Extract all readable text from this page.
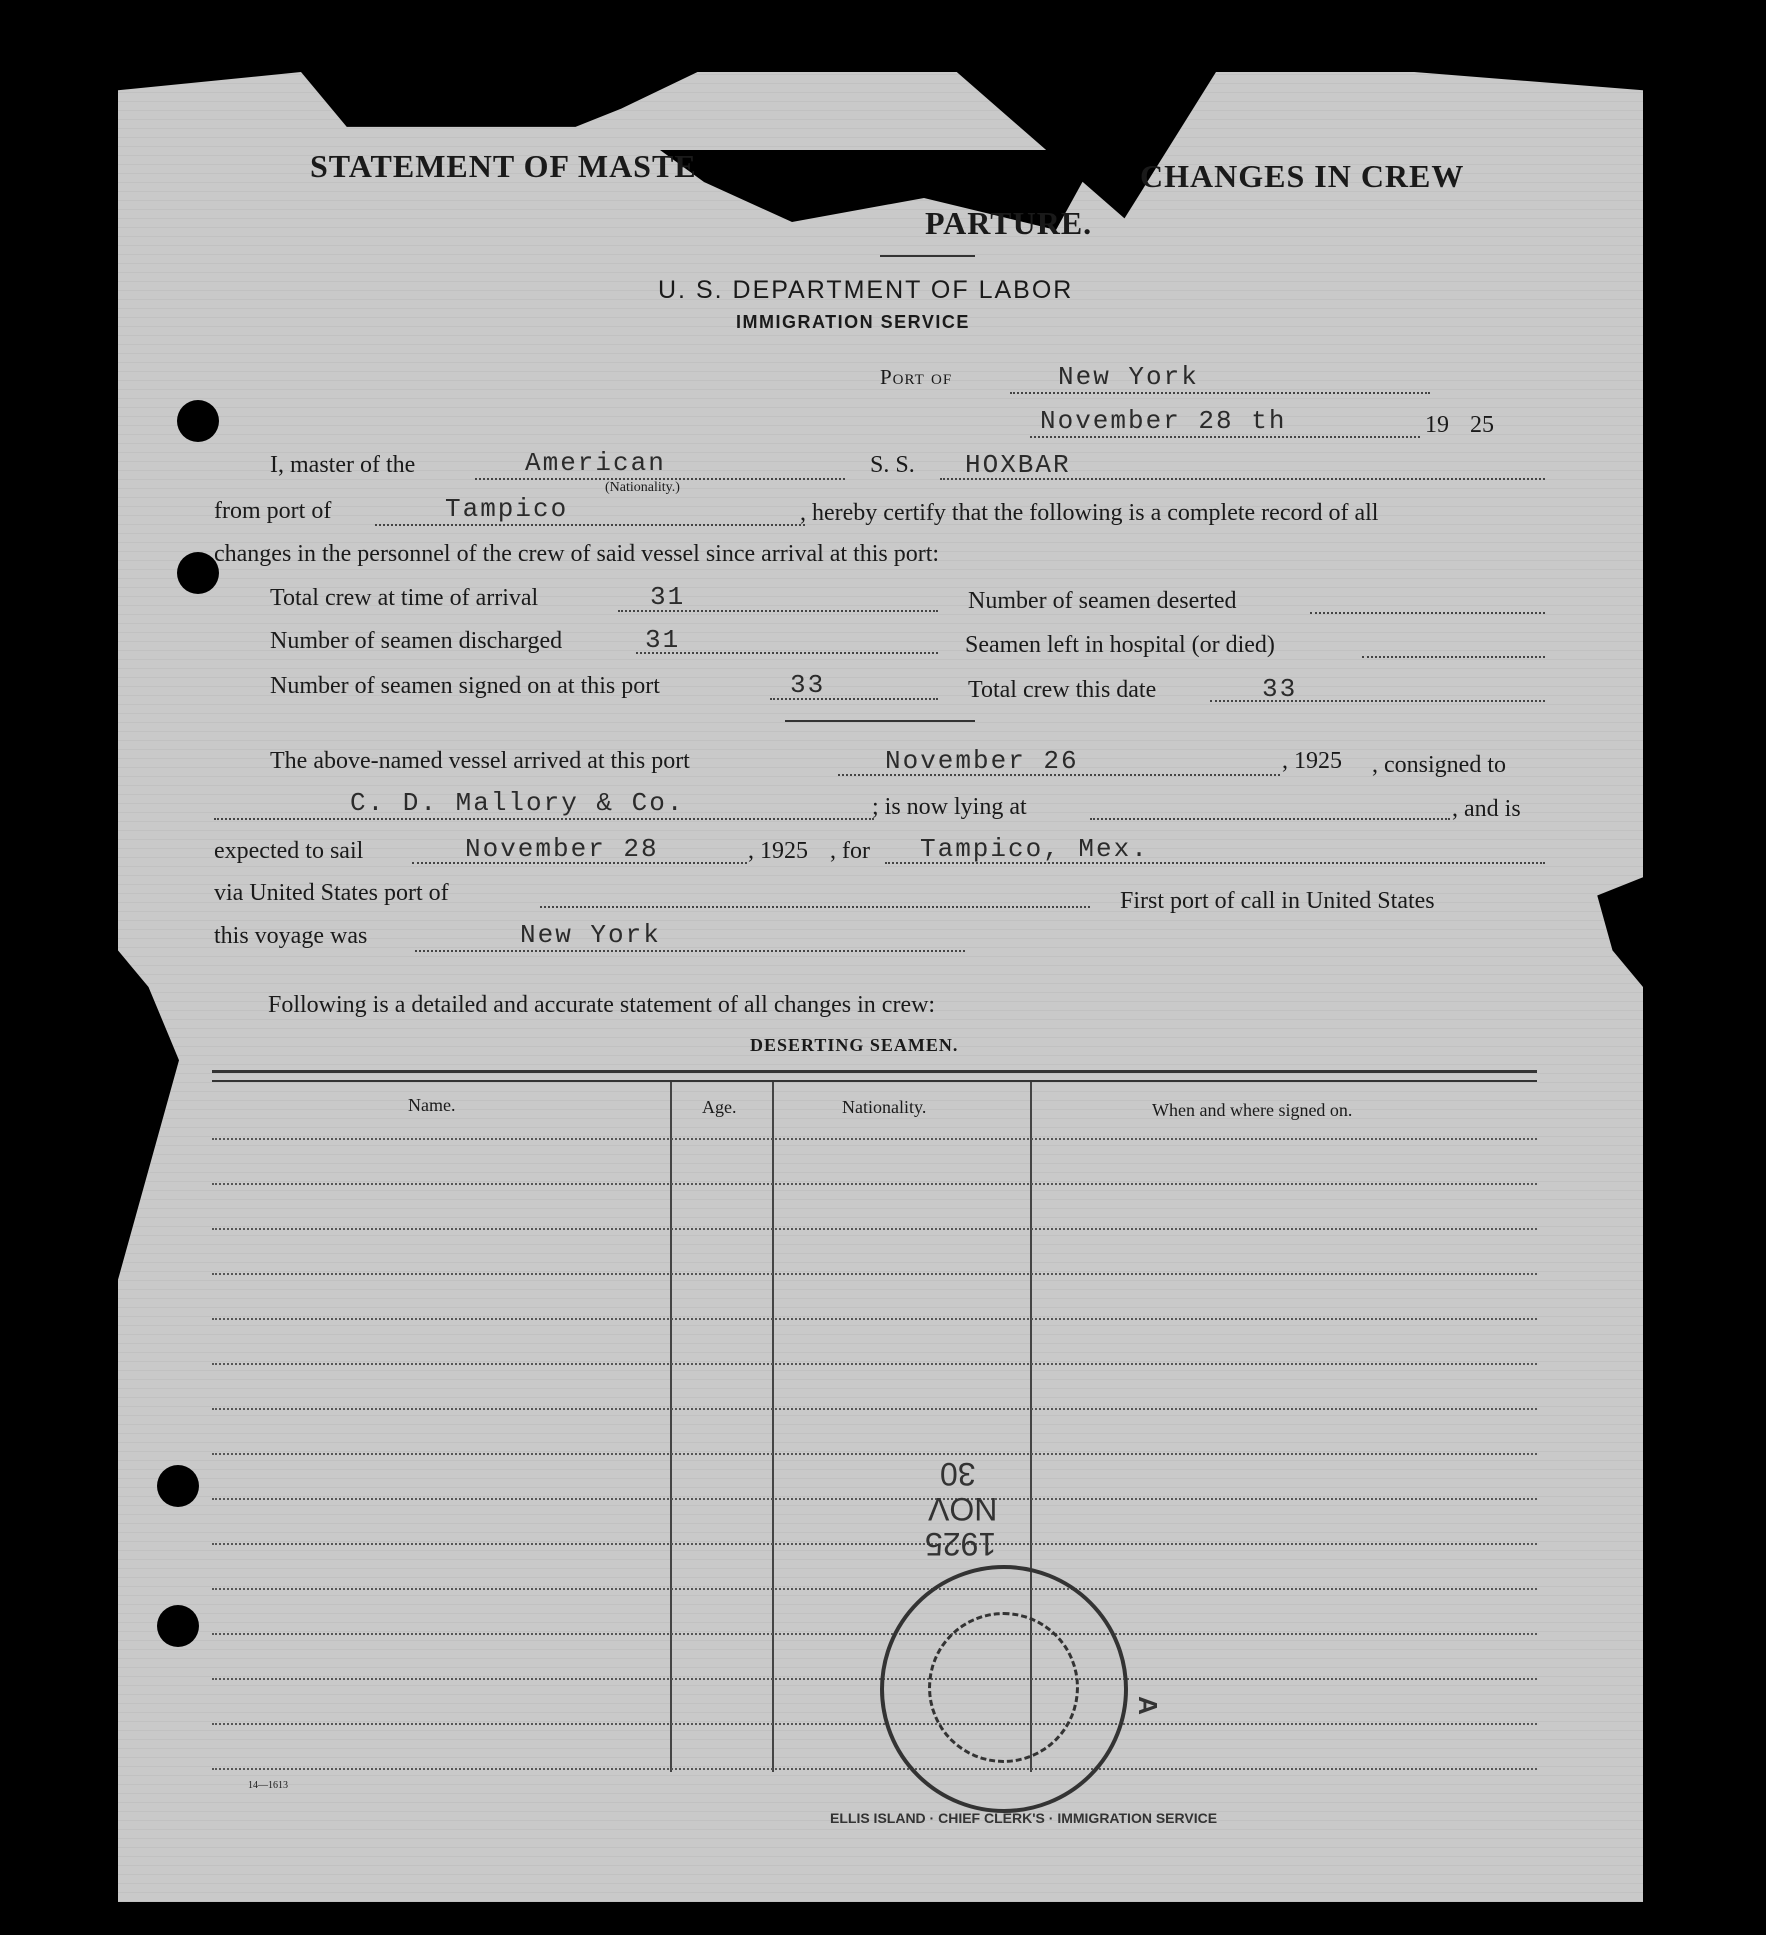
STATEMENT OF MASTE	CHANGES IN CREW
PARTURE.
U. S. DEPARTMENT OF LABOR
IMMIGRATION SERVICE
Port of	New York
November 28 th	19 25
I, master of the	American
(Nationality.)
S. S. HOXBAR
from port of	Tampico	, hereby certify that the following is a complete record of all
changes in the personnel of the crew of said vessel since arrival at this port:
Total crew at time of arrival	31
Number of seamen discharged	31
Number of seamen signed on at this port	33
Number of seamen deserted
Seamen left in hospital (or died)
Total crew this date	33
The above-named vessel arrived at this port	November 26	, 1925 , consigned to
C. D. Mallory & Co.	; is now lying at	, and is
expected to sail	November 28	, 1925 , for Tampico, Mex.
via United States port of	First port of call in United States
this voyage was	New York
Following is a detailed and accurate statement of all changes in crew:
DESERTING SEAMEN.
Name.	Age.	Nationality.	When and where signed on.
30
NOV
1925
ELLIS ISLAND · CHIEF CLERK'S · IMMIGRATION SERVICE
A
14—1613
